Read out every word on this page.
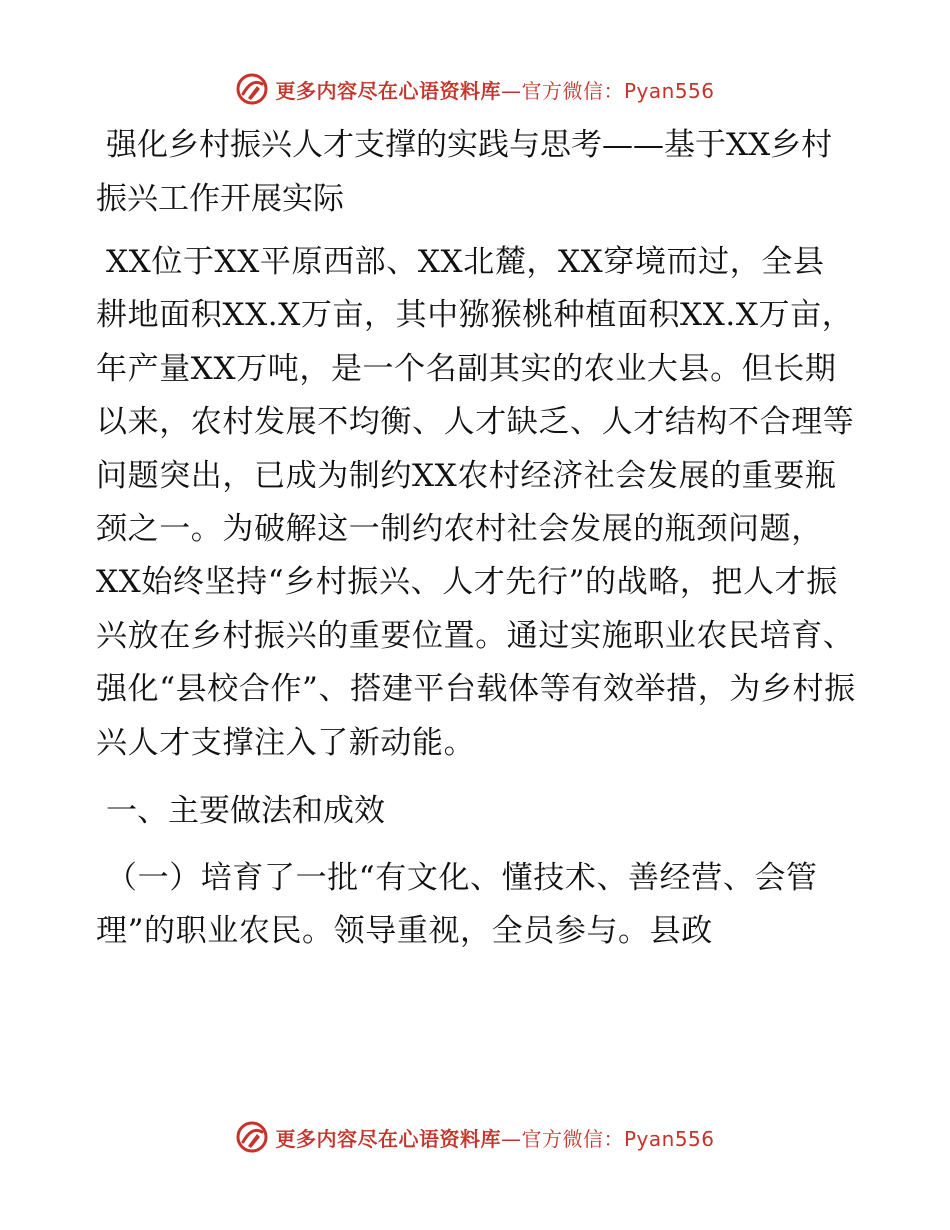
更多内容尽在心语资料库—官方微信：Pyan556
强化乡村振兴人才支撑的实践与思考——基于XX乡村振兴工作开展实际

XX位于XX平原西部、XX北麓，XX穿境而过，全县耕地面积XX.X万亩，其中猕猴桃种植面积XX.X万亩，年产量XX万吨，是一个名副其实的农业大县。但长期以来，农村发展不均衡、人才缺乏、人才结构不合理等问题突出，已成为制约XX农村经济社会发展的重要瓶颈之一。为破解这一制约农村社会发展的瓶颈问题，XX始终坚持“乡村振兴、人才先行”的战略，把人才振兴放在乡村振兴的重要位置。通过实施职业农民培育、强化“县校合作”、搭建平台载体等有效举措，为乡村振兴人才支撑注入了新动能。

一、主要做法和成效

（一）培育了一批“有文化、懂技术、善经营、会管理”的职业农民。领导重视，全员参与。县政

更多内容尽在心语资料库—官方微信：Pyan556
